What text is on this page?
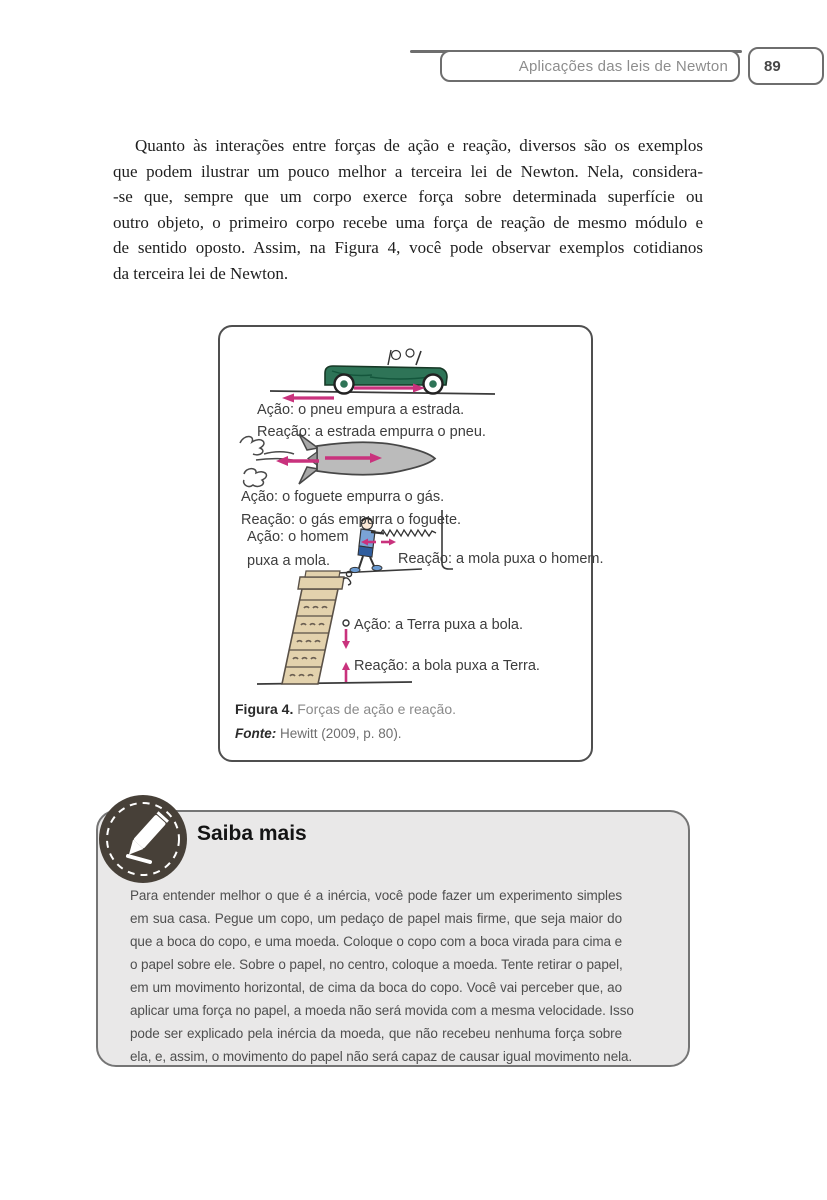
Aplicações das leis de Newton 89
Quanto às interações entre forças de ação e reação, diversos são os exemplos
que podem ilustrar um pouco melhor a terceira lei de Newton. Nela, considera-
-se que, sempre que um corpo exerce força sobre determinada superfície ou
outro objeto, o primeiro corpo recebe uma força de reação de mesmo módulo e
de sentido oposto. Assim, na Figura 4, você pode observar exemplos cotidianos
da terceira lei de Newton.
Ação: o pneu empura a estrada.
Reação: a estrada empurra o pneu.
Ação: o foguete empurra o gás.
Reação: o gás empurra o foguete.
Ação: o homem
puxa a mola.	Reação: a mola puxa o homem.
Ação: a Terra puxa a bola.
Reação: a bola puxa a Terra.
Figura 4. Forças de ação e reação.
Fonte: Hewitt (2009, p. 80).
Saiba mais
Para entender melhor o que é a inércia, você pode fazer um experimento simples
em sua casa. Pegue um copo, um pedaço de papel mais firme, que seja maior do
que a boca do copo, e uma moeda. Coloque o copo com a boca virada para cima e
o papel sobre ele. Sobre o papel, no centro, coloque a moeda. Tente retirar o papel,
em um movimento horizontal, de cima da boca do copo. Você vai perceber que, ao
aplicar uma força no papel, a moeda não será movida com a mesma velocidade. Isso
pode ser explicado pela inércia da moeda, que não recebeu nenhuma força sobre
ela, e, assim, o movimento do papel não será capaz de causar igual movimento nela.
